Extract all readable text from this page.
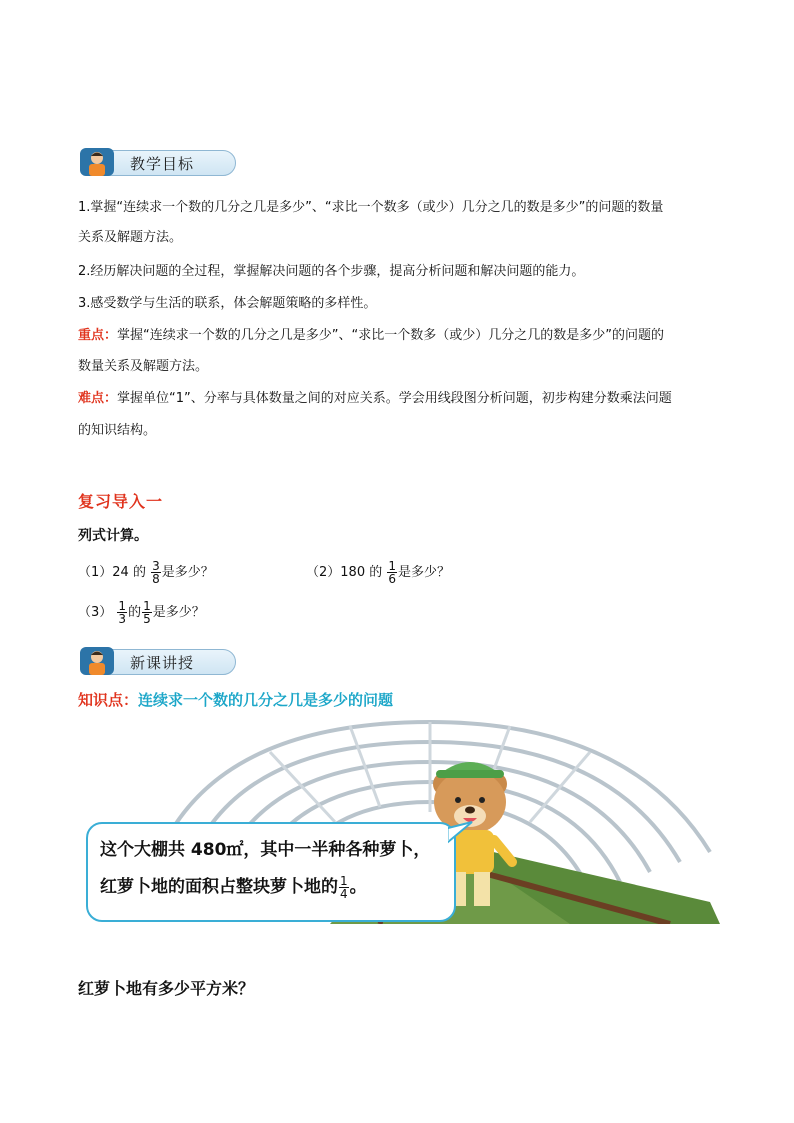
教学目标
1.掌握“连续求一个数的几分之几是多少”、“求比一个数多（或少）几分之几的数是多少”的问题的数量
关系及解题方法。
2.经历解决问题的全过程，掌握解决问题的各个步骤，提高分析问题和解决问题的能力。
3.感受数学与生活的联系，体会解题策略的多样性。
重点：掌握“连续求一个数的几分之几是多少”、“求比一个数多（或少）几分之几的数是多少”的问题的
数量关系及解题方法。
难点：掌握单位“1”、分率与具体数量之间的对应关系。学会用线段图分析问题，初步构建分数乘法问题
的知识结构。
复习导入一
列式计算。
（1）24 的 $\frac{3}{8}$ 是多少？	（2）180 的 $\frac{1}{6}$ 是多少？
$(3) \frac{1}{3}$ 的 $\frac{1}{5}$ 是多少？
新课讲授
知识点：连续求一个数的几分之几是多少的问题
这个大棚共 480㎡，其中一半种各种萝卜，
红萝卜地的面积占整块萝卜地的 $\frac{1}{4}$ 。
红萝卜地有多少平方米？
